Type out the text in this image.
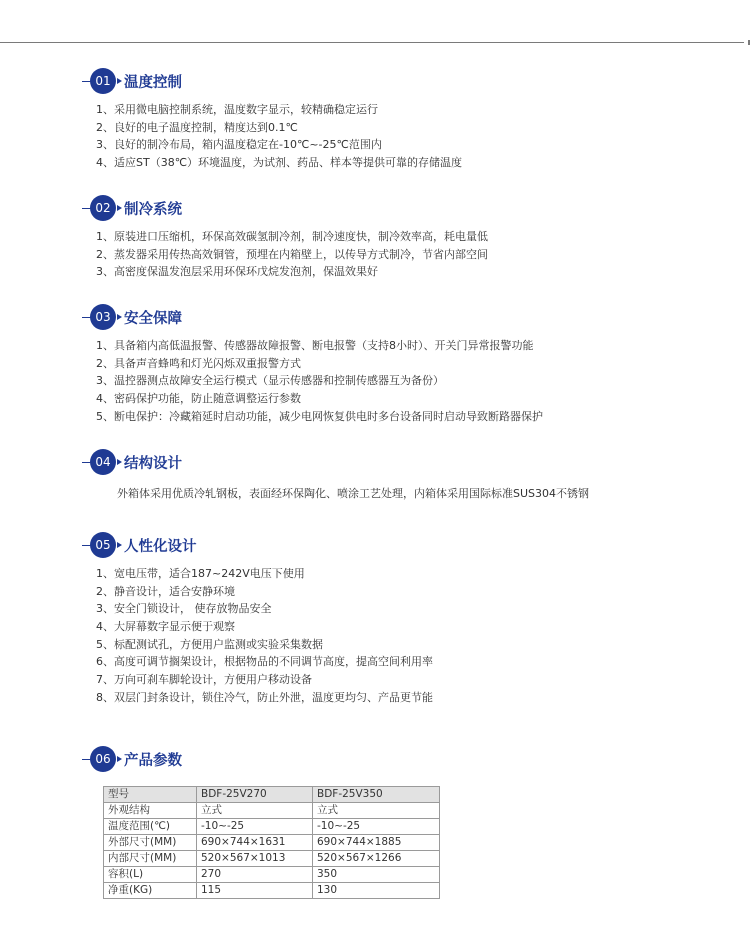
01 温度控制
1、采用微电脑控制系统，温度数字显示，较精确稳定运行
2、良好的电子温度控制，精度达到0.1℃
3、良好的制冷布局，箱内温度稳定在-10℃~-25℃范围内
4、适应ST（38℃）环境温度，为试剂、药品、样本等提供可靠的存储温度
02 制冷系统
1、原装进口压缩机，环保高效碳氢制冷剂，制冷速度快，制冷效率高，耗电量低
2、蒸发器采用传热高效铜管，预埋在内箱壁上，以传导方式制冷，节省内部空间
3、高密度保温发泡层采用环保环戊烷发泡剂，保温效果好
03 安全保障
1、具备箱内高低温报警、传感器故障报警、断电报警（支持8小时）、开关门异常报警功能
2、具备声音蜂鸣和灯光闪烁双重报警方式
3、温控器测点故障安全运行模式（显示传感器和控制传感器互为备份）
4、密码保护功能，防止随意调整运行参数
5、断电保护：冷藏箱延时启动功能，减少电网恢复供电时多台设备同时启动导致断路器保护
04 结构设计
外箱体采用优质冷轧钢板，表面经环保陶化、喷涂工艺处理，内箱体采用国际标准SUS304不锈钢
05 人性化设计
1、宽电压带，适合187~242V电压下使用
2、静音设计，适合安静环境
3、安全门锁设计， 使存放物品安全
4、大屏幕数字显示便于观察
5、标配测试孔，方便用户监测或实验采集数据
6、高度可调节搁架设计，根据物品的不同调节高度，提高空间利用率
7、万向可刹车脚轮设计，方便用户移动设备
8、双层门封条设计，锁住冷气，防止外泄，温度更均匀、产品更节能
06 产品参数
型号	BDF-25V270	BDF-25V350
外观结构	立式	立式
温度范围(℃)	-10~-25	-10~-25
外部尺寸(MM)	690×744×1631	690×744×1885
内部尺寸(MM)	520×567×1013	520×567×1266
容积(L)	270	350
净重(KG)	115	130
